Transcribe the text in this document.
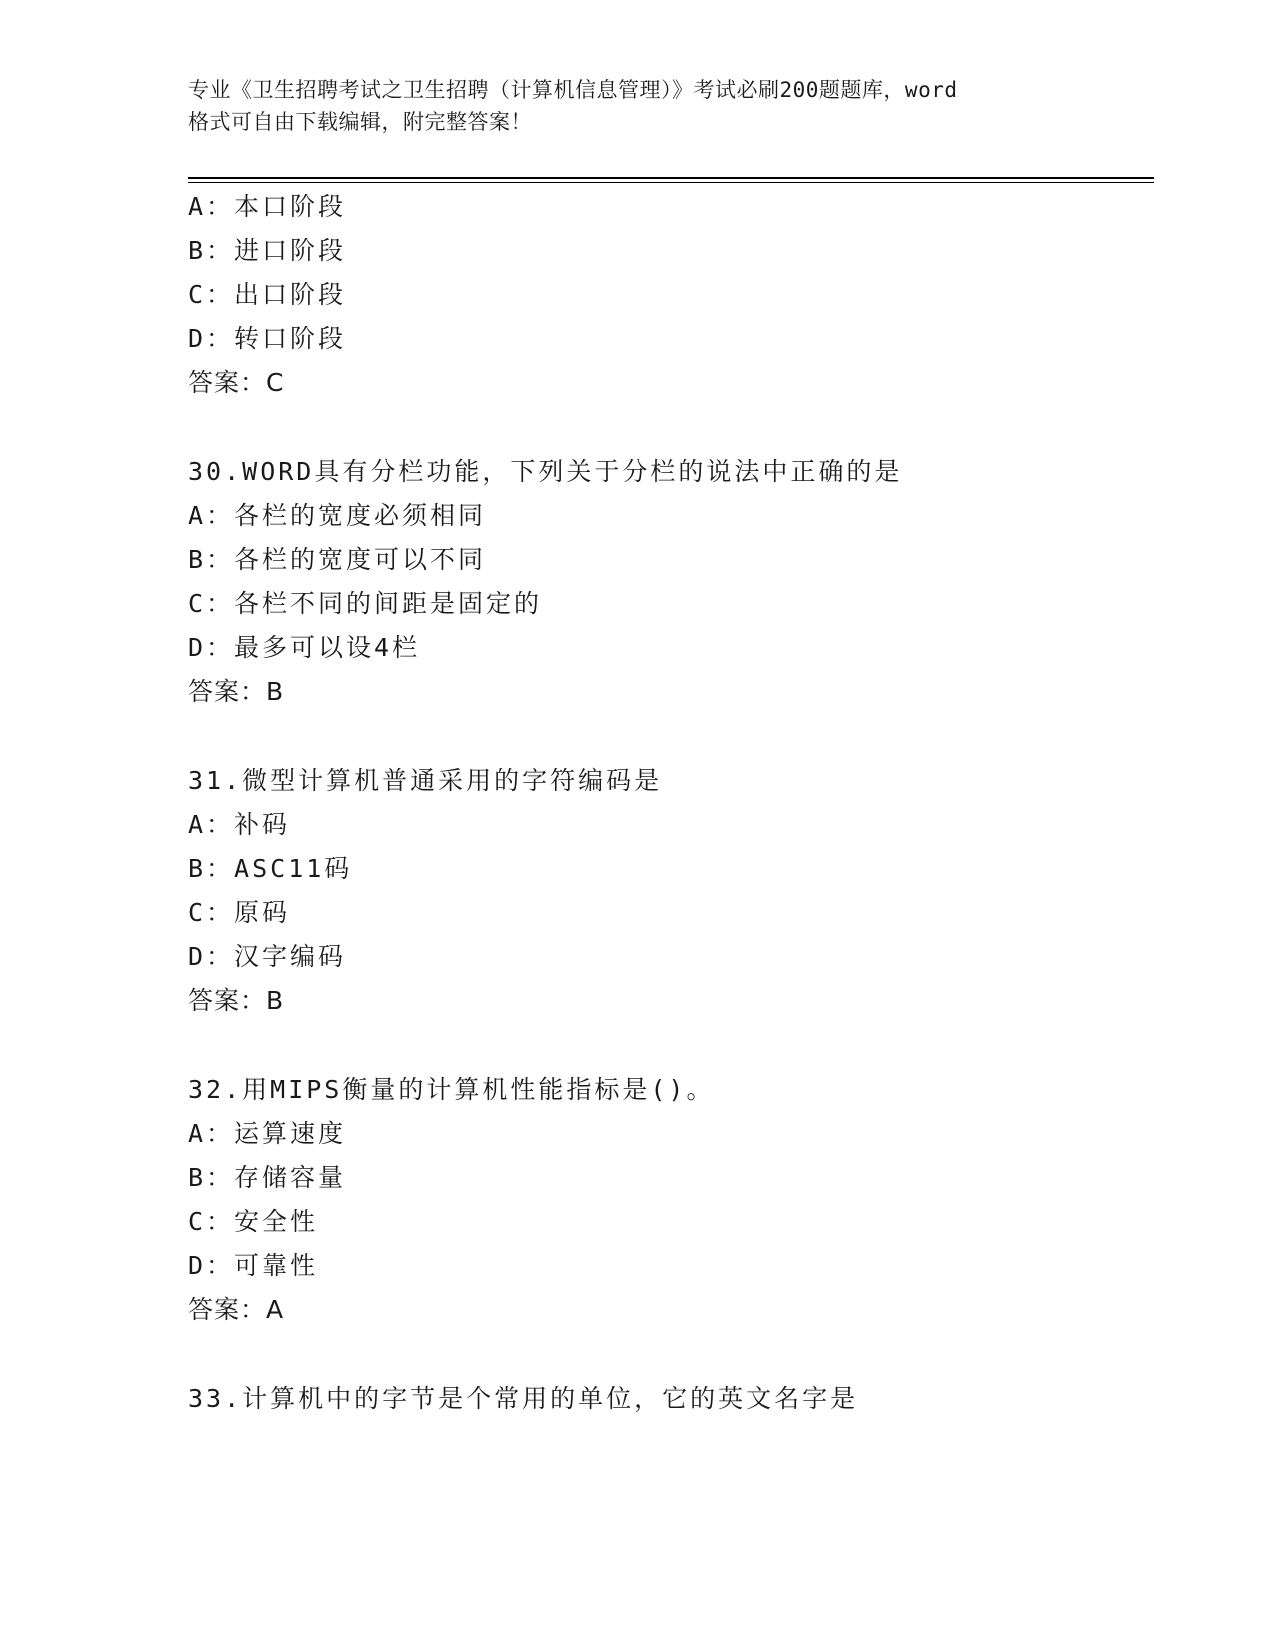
专业《卫生招聘考试之卫生招聘（计算机信息管理）》考试必刷200题题库，word
格式可自由下载编辑，附完整答案！
A：本口阶段
B：进口阶段
C：出口阶段
D：转口阶段
答案：C
30.WORD具有分栏功能，下列关于分栏的说法中正确的是
A：各栏的宽度必须相同
B：各栏的宽度可以不同
C：各栏不同的间距是固定的
D：最多可以设4栏
答案：B
31.微型计算机普通采用的字符编码是
A：补码
B：ASC11码
C：原码
D：汉字编码
答案：B
32.用MIPS衡量的计算机性能指标是()。
A：运算速度
B：存储容量
C：安全性
D：可靠性
答案：A
33.计算机中的字节是个常用的单位，它的英文名字是
